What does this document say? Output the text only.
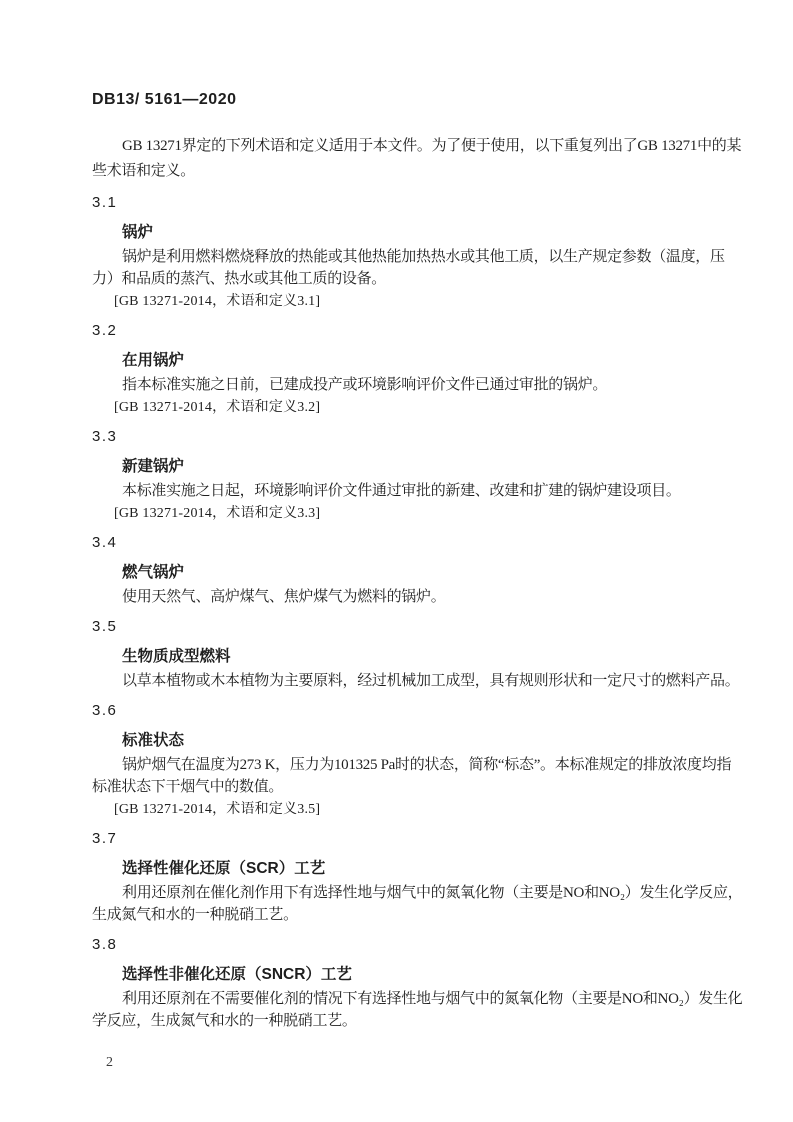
DB13/ 5161—2020

GB 13271界定的下列术语和定义适用于本文件。为了便于使用，以下重复列出了GB 13271中的某些术语和定义。

3.1
锅炉

锅炉是利用燃料燃烧释放的热能或其他热能加热热水或其他工质，以生产规定参数（温度，压力）和品质的蒸汽、热水或其他工质的设备。

[GB 13271-2014，术语和定义3.1]
3.2
在用锅炉

指本标准实施之日前，已建成投产或环境影响评价文件已通过审批的锅炉。

[GB 13271-2014，术语和定义3.2]
3.3
新建锅炉

本标准实施之日起，环境影响评价文件通过审批的新建、改建和扩建的锅炉建设项目。

[GB 13271-2014，术语和定义3.3]
3.4
燃气锅炉

使用天然气、高炉煤气、焦炉煤气为燃料的锅炉。

3.5
生物质成型燃料

以草本植物或木本植物为主要原料，经过机械加工成型，具有规则形状和一定尺寸的燃料产品。

3.6
标准状态

锅炉烟气在温度为273 K，压力为101325 Pa时的状态，简称“标态”。本标准规定的排放浓度均指标准状态下干烟气中的数值。

[GB 13271-2014，术语和定义3.5]
3.7
选择性催化还原（SCR）工艺

利用还原剂在催化剂作用下有选择性地与烟气中的氮氧化物（主要是NO和NO₂）发生化学反应，生成氮气和水的一种脱硝工艺。

3.8
选择性非催化还原（SNCR）工艺

利用还原剂在不需要催化剂的情况下有选择性地与烟气中的氮氧化物（主要是NO和NO₂）发生化学反应，生成氮气和水的一种脱硝工艺。

2
